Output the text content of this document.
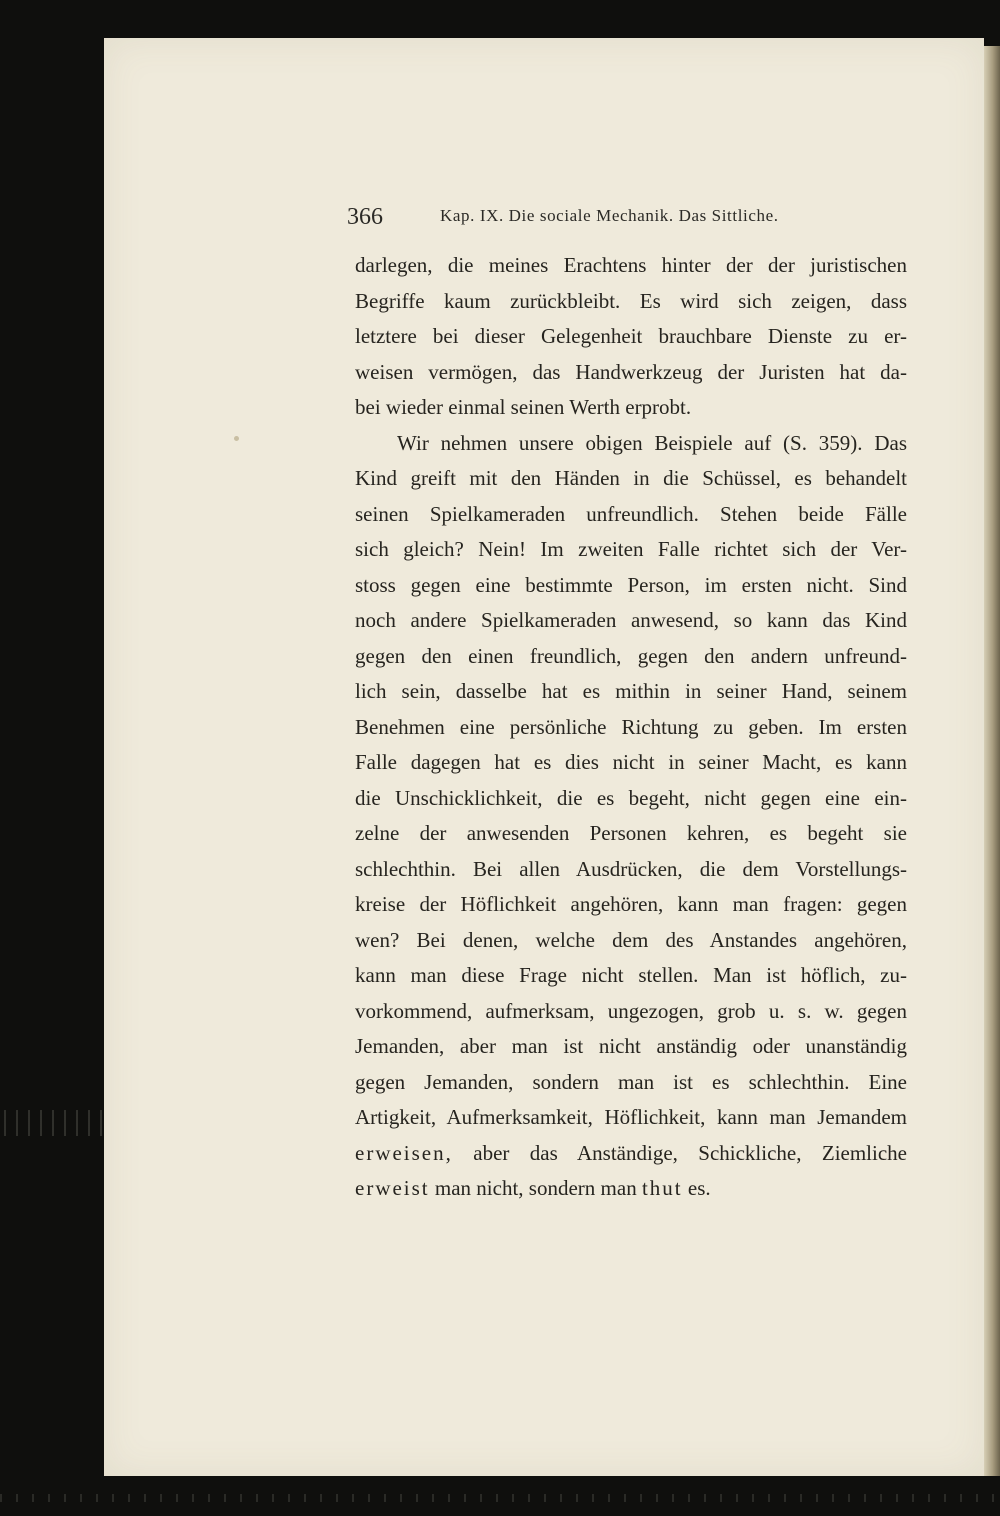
366	Kap. IX. Die sociale Mechanik. Das Sittliche.
darlegen, die meines Erachtens hinter der der juristischen
Begriffe kaum zurückbleibt. Es wird sich zeigen, dass
letztere bei dieser Gelegenheit brauchbare Dienste zu er-
weisen vermögen, das Handwerkzeug der Juristen hat da-
bei wieder einmal seinen Werth erprobt.
Wir nehmen unsere obigen Beispiele auf (S. 359). Das
Kind greift mit den Händen in die Schüssel, es behandelt
seinen Spielkameraden unfreundlich. Stehen beide Fälle
sich gleich? Nein! Im zweiten Falle richtet sich der Ver-
stoss gegen eine bestimmte Person, im ersten nicht. Sind
noch andere Spielkameraden anwesend, so kann das Kind
gegen den einen freundlich, gegen den andern unfreund-
lich sein, dasselbe hat es mithin in seiner Hand, seinem
Benehmen eine persönliche Richtung zu geben. Im ersten
Falle dagegen hat es dies nicht in seiner Macht, es kann
die Unschicklichkeit, die es begeht, nicht gegen eine ein-
zelne der anwesenden Personen kehren, es begeht sie
schlechthin. Bei allen Ausdrücken, die dem Vorstellungs-
kreise der Höflichkeit angehören, kann man fragen: gegen
wen? Bei denen, welche dem des Anstandes angehören,
kann man diese Frage nicht stellen. Man ist höflich, zu-
vorkommend, aufmerksam, ungezogen, grob u. s. w. gegen
Jemanden, aber man ist nicht anständig oder unanständig
gegen Jemanden, sondern man ist es schlechthin. Eine
Artigkeit, Aufmerksamkeit, Höflichkeit, kann man Jemandem
erweisen, aber das Anständige, Schickliche, Ziemliche
erweist man nicht, sondern man thut es.
